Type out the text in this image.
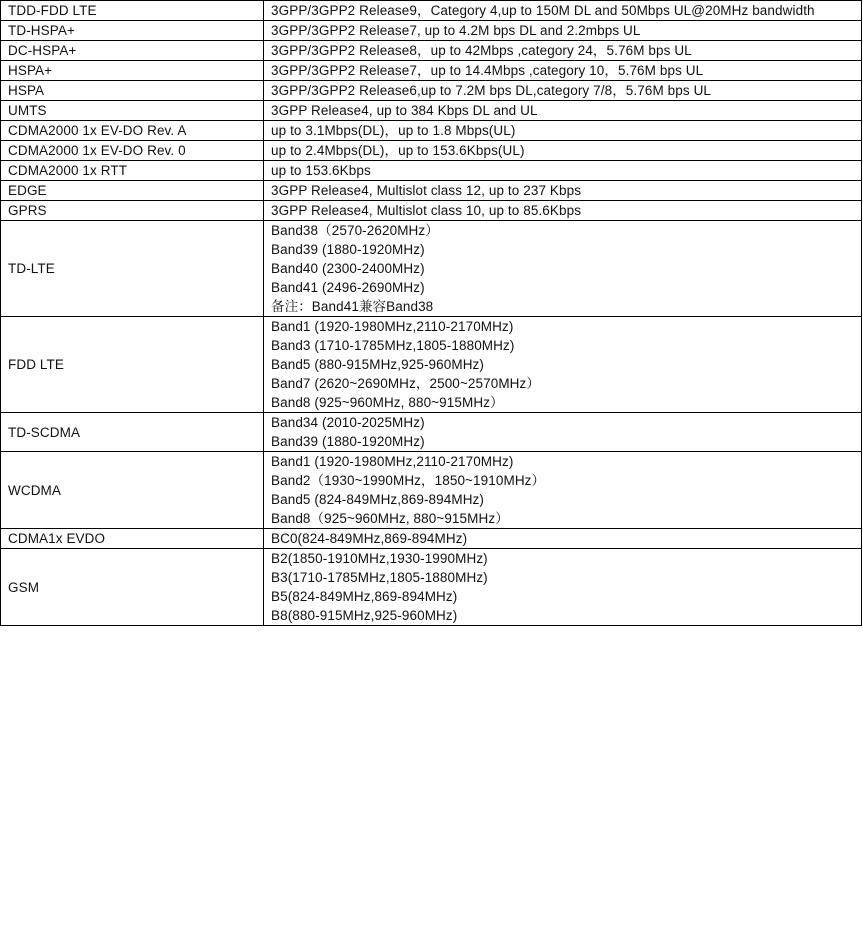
TDD-FDD LTE	3GPP/3GPP2 Release9，Category 4,up to 150M DL and 50Mbps UL@20MHz bandwidth

TD-HSPA+	3GPP/3GPP2 Release7, up to 4.2M bps DL and 2.2mbps UL

DC-HSPA+	3GPP/3GPP2 Release8，up to 42Mbps ,category 24，5.76M bps UL

HSPA+	3GPP/3GPP2 Release7，up to 14.4Mbps ,category 10，5.76M bps UL

HSPA	3GPP/3GPP2 Release6,up to 7.2M bps DL,category 7/8，5.76M bps UL

UMTS	3GPP Release4, up to 384 Kbps DL and UL

CDMA2000 1x EV-DO Rev. A	up to 3.1Mbps(DL)，up to 1.8 Mbps(UL)

CDMA2000 1x EV-DO Rev. 0	up to 2.4Mbps(DL)，up to 153.6Kbps(UL)

CDMA2000 1x RTT	up to 153.6Kbps

EDGE	3GPP Release4, Multislot class 12, up to 237 Kbps

GPRS	3GPP Release4, Multislot class 10, up to 85.6Kbps

TD-LTE	Band38（2570-2620MHz）
Band39 (1880-1920MHz)
Band40 (2300-2400MHz)
Band41 (2496-2690MHz)
备注：Band41兼容Band38

FDD LTE	Band1 (1920-1980MHz,2110-2170MHz)
Band3 (1710-1785MHz,1805-1880MHz)
Band5 (880-915MHz,925-960MHz)
Band7 (2620~2690MHz，2500~2570MHz）
Band8 (925~960MHz, 880~915MHz）

TD-SCDMA	Band34 (2010-2025MHz)
Band39 (1880-1920MHz)

WCDMA	Band1 (1920-1980MHz,2110-2170MHz)
Band2（1930~1990MHz，1850~1910MHz）
Band5 (824-849MHz,869-894MHz)
Band8（925~960MHz, 880~915MHz）

CDMA1x EVDO	BC0(824-849MHz,869-894MHz)

GSM	B2(1850-1910MHz,1930-1990MHz)
B3(1710-1785MHz,1805-1880MHz)
B5(824-849MHz,869-894MHz)
B8(880-915MHz,925-960MHz)
